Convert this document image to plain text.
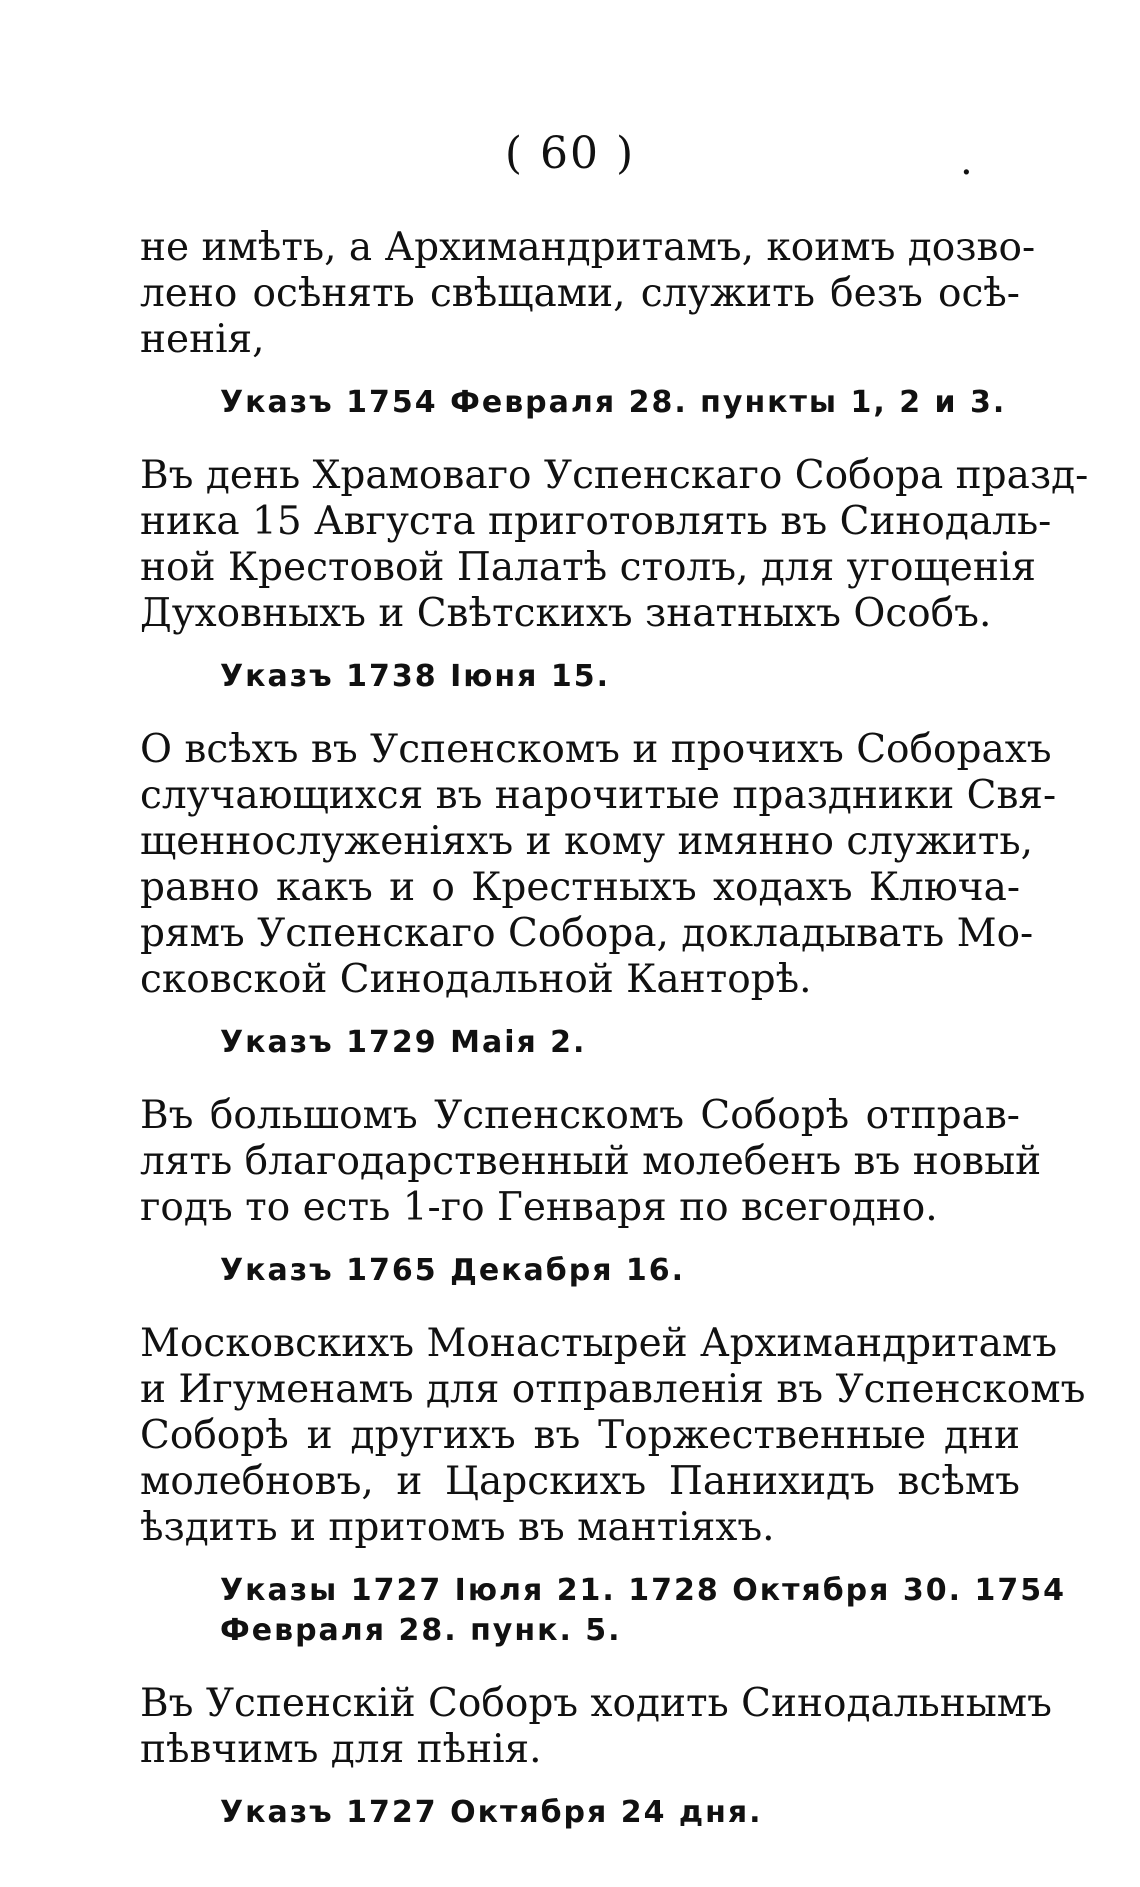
( 60 )	.
не имѣть, а Архимандритамъ, коимъ дозво-
лено осѣнять свѣщами, служить безъ осѣ-
ненія,
Указъ 1754 Февраля 28. пункты 1, 2 и 3.
Въ день Храмоваго Успенскаго Собора празд-
ника 15 Августа приготовлять въ Синодаль-
ной Крестовой Палатѣ столъ, для угощенія
Духовныхъ и Свѣтскихъ знатныхъ Особъ.
Указъ 1738 Іюня 15.
О всѣхъ въ Успенскомъ и прочихъ Соборахъ
случающихся въ нарочитые праздники Свя-
щеннослуженіяхъ и кому имянно служить,
равно какъ и о Крестныхъ ходахъ Ключа-
рямъ Успенскаго Собора, докладывать Мо-
сковской Синодальной Канторѣ.
Указъ 1729 Маія 2.
Въ большомъ Успенскомъ Соборѣ отправ-
лять благодарственный молебенъ въ новый
годъ то есть 1-го Генваря по всегодно.
Указъ 1765 Декабря 16.
Московскихъ Монастырей Архимандритамъ
и Игуменамъ для отправленія въ Успенскомъ
Соборѣ и другихъ въ Торжественные дни
молебновъ, и Царскихъ Панихидъ всѣмъ
ѣздить и притомъ въ мантіяхъ.
Указы 1727 Іюля 21. 1728 Октября 30. 1754
Февраля 28. пунк. 5.
Въ Успенскій Соборъ ходить Синодальнымъ
пѣвчимъ для пѣнія.
Указъ 1727 Октября 24 дня.
